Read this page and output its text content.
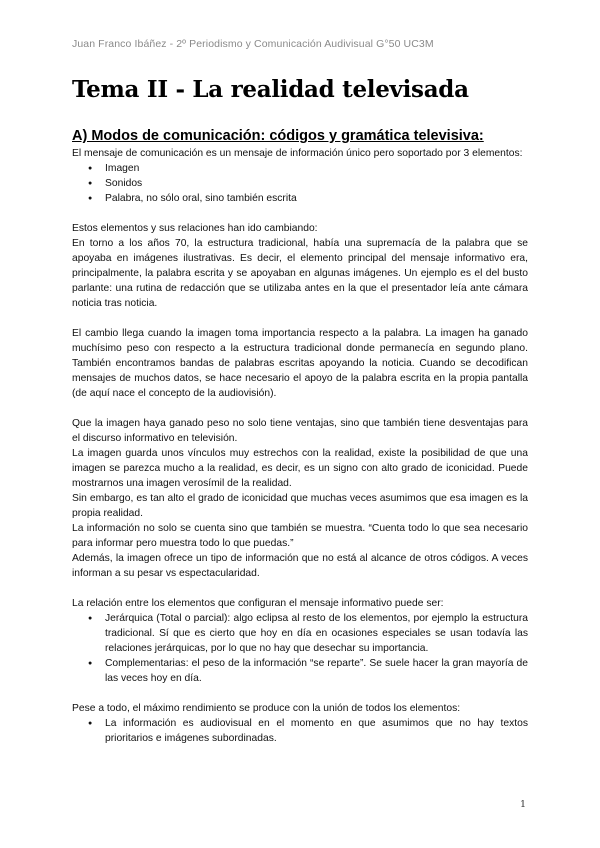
Juan Franco Ibáñez - 2º Periodismo y Comunicación Audivisual G°50 UC3M
Tema II - La realidad televisada
A) Modos de comunicación: códigos y gramática televisiva:

El mensaje de comunicación es un mensaje de información único pero soportado por 3 elementos:

● Imagen
● Sonidos
● Palabra, no sólo oral, sino también escrita

Estos elementos y sus relaciones han ido cambiando:

En torno a los años 70, la estructura tradicional, había una supremacía de la palabra que se apoyaba en imágenes ilustrativas. Es decir, el elemento principal del mensaje informativo era, principalmente, la palabra escrita y se apoyaban en algunas imágenes. Un ejemplo es el del busto parlante: una rutina de redacción que se utilizaba antes en la que el presentador leía ante cámara noticia tras noticia.

El cambio llega cuando la imagen toma importancia respecto a la palabra. La imagen ha ganado muchísimo peso con respecto a la estructura tradicional donde permanecía en segundo plano. También encontramos bandas de palabras escritas apoyando la noticia. Cuando se decodifican mensajes de muchos datos, se hace necesario el apoyo de la palabra escrita en la propia pantalla (de aquí nace el concepto de la audiovisión).

Que la imagen haya ganado peso no solo tiene ventajas, sino que también tiene desventajas para el discurso informativo en televisión.

La imagen guarda unos vínculos muy estrechos con la realidad, existe la posibilidad de que una imagen se parezca mucho a la realidad, es decir, es un signo con alto grado de iconicidad. Puede mostrarnos una imagen verosímil de la realidad.

Sin embargo, es tan alto el grado de iconicidad que muchas veces asumimos que esa imagen es la propia realidad.

La información no solo se cuenta sino que también se muestra. “Cuenta todo lo que sea necesario para informar pero muestra todo lo que puedas.”

Además, la imagen ofrece un tipo de información que no está al alcance de otros códigos. A veces informan a su pesar vs espectacularidad.

La relación entre los elementos que configuran el mensaje informativo puede ser:

● Jerárquica (Total o parcial): algo eclipsa al resto de los elementos, por ejemplo la estructura tradicional. Sí que es cierto que hoy en día en ocasiones especiales se usan todavía las relaciones jerárquicas, por lo que no hay que desechar su importancia.
● Complementarias: el peso de la información “se reparte”. Se suele hacer la gran mayoría de las veces hoy en día.

Pese a todo, el máximo rendimiento se produce con la unión de todos los elementos:

● La información es audiovisual en el momento en que asumimos que no hay textos prioritarios e imágenes subordinadas.
1
